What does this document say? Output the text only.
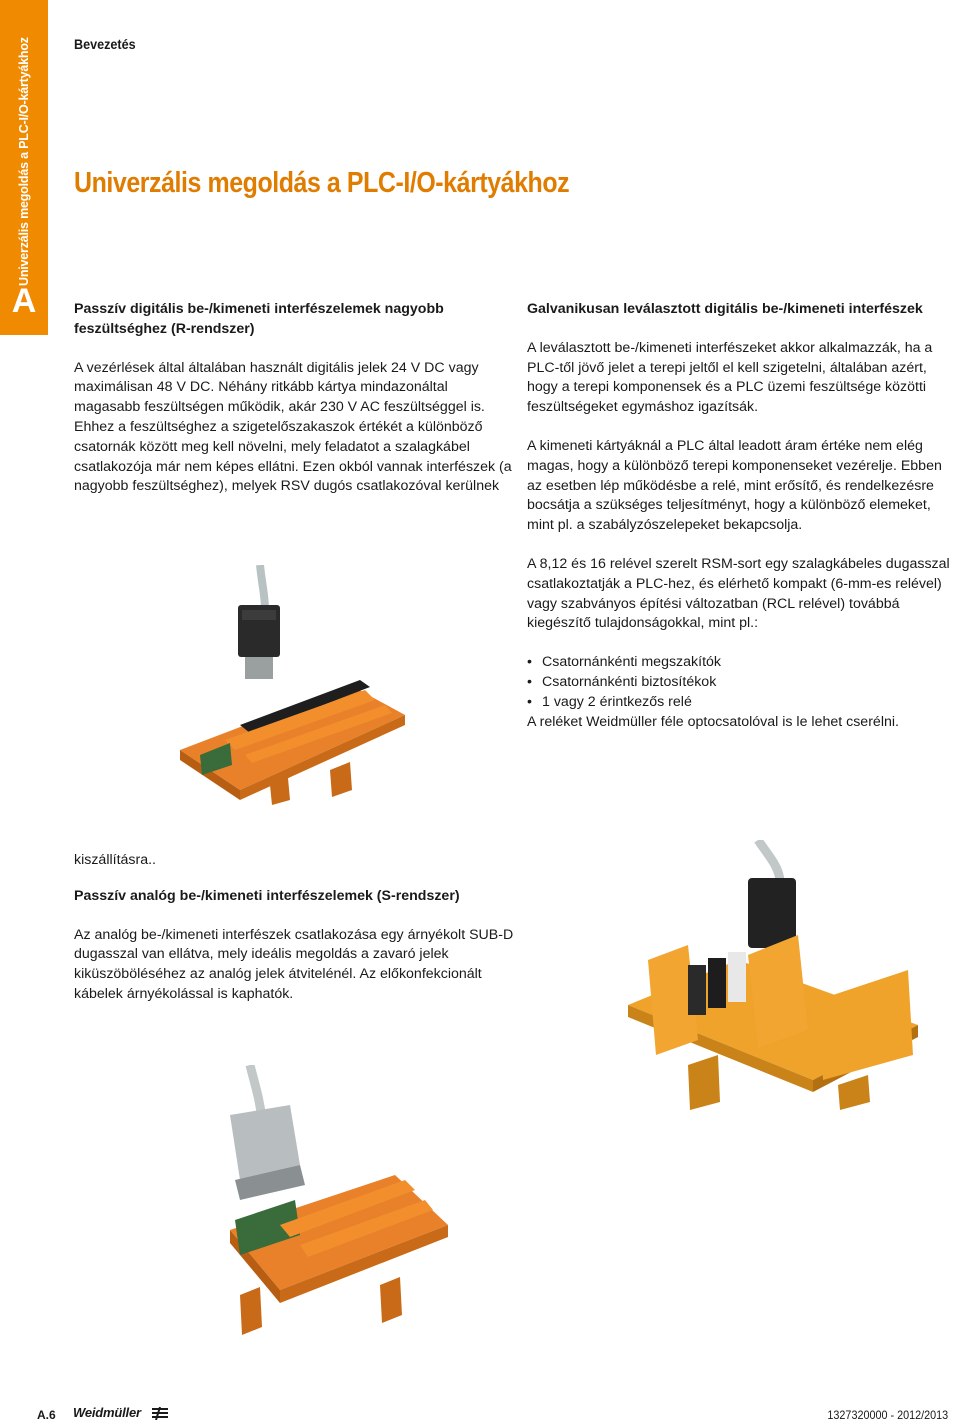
Univerzális megoldás a PLC-I/O-kártyákhoz
A
Bevezetés
Univerzális megoldás a PLC-I/O-kártyákhoz
Passzív digitális be-/kimeneti interfészelemek nagyobb feszültséghez (R-rendszer)
A vezérlések által általában használt digitális jelek 24 V DC vagy maximálisan 48 V DC. Néhány ritkább kártya mindazonáltal magasabb feszültségen működik, akár 230 V AC feszültséggel is. Ehhez a feszültséghez a szigetelőszakaszok értékét a különböző csatornák között meg kell növelni, mely feladatot a szalagkábel csatlakozója már nem képes ellátni. Ezen okból vannak interfészek (a nagyobb feszültséghez), melyek RSV dugós csatlakozóval kerülnek
kiszállításra..
Passzív analóg be-/kimeneti interfészelemek (S-rendszer)
Az analóg be-/kimeneti interfészek csatlakozása egy árnyékolt SUB-D dugasszal van ellátva, mely ideális megoldás a zavaró jelek kiküszöböléséhez az analóg jelek átvitelénél. Az előkonfekcionált kábelek árnyékolással is kaphatók.
Galvanikusan leválasztott digitális be-/kimeneti interfészek
A leválasztott be-/kimeneti interfészeket akkor alkalmazzák, ha a PLC-től jövő jelet a terepi jeltől el kell szigetelni, általában azért, hogy a terepi komponensek és a PLC üzemi feszültsége közötti feszültségeket egymáshoz igazítsák.
A kimeneti kártyáknál a PLC által leadott áram értéke nem elég magas, hogy a különböző terepi komponenseket vezérelje. Ebben az esetben lép működésbe a relé, mint erősítő, és rendelkezésre bocsátja a szükséges teljesítményt, hogy a különböző elemeket, mint pl. a szabályzószelepeket bekapcsolja.
A 8,12 és 16 relével szerelt RSM-sort egy szalagkábeles dugasszal csatlakoztatják a PLC-hez, és elérhető kompakt (6-mm-es relével) vagy szabványos építési változatban (RCL relével) továbbá kiegészítő tulajdonságokkal, mint pl.:
• Csatornánkénti megszakítók
• Csatornánkénti biztosítékok
• 1 vagy 2 érintkezős relé
A reléket Weidmüller féle optocsatolóval is le lehet cserélni.
A.6 Weidmüller	1327320000 - 2012/2013
